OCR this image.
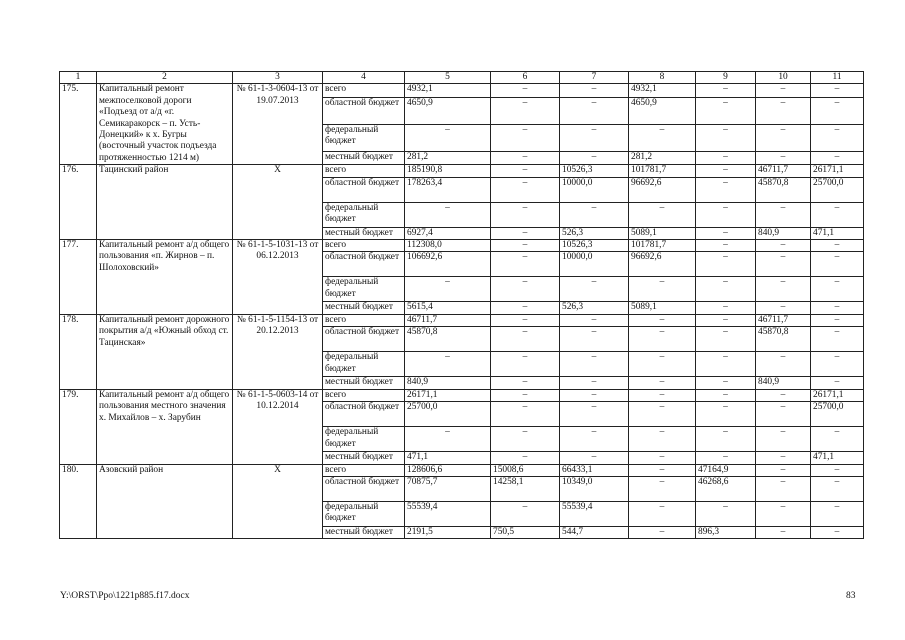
1	2	3	4	5	6	7	8	9	10	11
175.	Капитальный ремонт межпоселковой дороги «Подъезд от а/д «г. Семикаракорск – п. Усть-Донецкий» к х. Бугры (восточный участок подъезда протяженностью 1214 м)	№ 61-1-3-0604-13 от 19.07.2013	всего	4932,1	–	–	4932,1	–	–	–
			областной бюджет	4650,9	–	–	4650,9	–	–	–
			федеральный бюджет	–	–	–	–	–	–	–
			местный бюджет	281,2	–	–	281,2	–	–	–
176.	Тацинский район	Х	всего	185190,8	–	10526,3	101781,7	–	46711,7	26171,1
			областной бюджет	178263,4	–	10000,0	96692,6	–	45870,8	25700,0
			федеральный бюджет	–	–	–	–	–	–	–
			местный бюджет	6927,4	–	526,3	5089,1	–	840,9	471,1
177.	Капитальный ремонт а/д общего пользования «п. Жирнов – п. Шолоховский»	№ 61-1-5-1031-13 от 06.12.2013	всего	112308,0	–	10526,3	101781,7	–	–	–
			областной бюджет	106692,6	–	10000,0	96692,6	–	–	–
			федеральный бюджет	–	–	–	–	–	–	–
			местный бюджет	5615,4	–	526,3	5089,1	–	–	–
178.	Капитальный ремонт дорожного покрытия а/д «Южный обход ст. Тацинская»	№ 61-1-5-1154-13 от 20.12.2013	всего	46711,7	–	–	–	–	46711,7	–
			областной бюджет	45870,8	–	–	–	–	45870,8	–
			федеральный бюджет	–	–	–	–	–	–	–
			местный бюджет	840,9	–	–	–	–	840,9	–
179.	Капитальный ремонт а/д общего пользования местного значения х. Михайлов – х. Зарубин	№ 61-1-5-0603-14 от 10.12.2014	всего	26171,1	–	–	–	–	–	26171,1
			областной бюджет	25700,0	–	–	–	–	–	25700,0
			федеральный бюджет	–	–	–	–	–	–	–
			местный бюджет	471,1	–	–	–	–	–	471,1
180.	Азовский район	Х	всего	128606,6	15008,6	66433,1	–	47164,9	–	–
			областной бюджет	70875,7	14258,1	10349,0	–	46268,6	–	–
			федеральный бюджет	55539,4	–	55539,4	–	–	–	–
			местный бюджет	2191,5	750,5	544,7	–	896,3	–	–
Y:\ORST\Ppo\1221p885.f17.docx	83
